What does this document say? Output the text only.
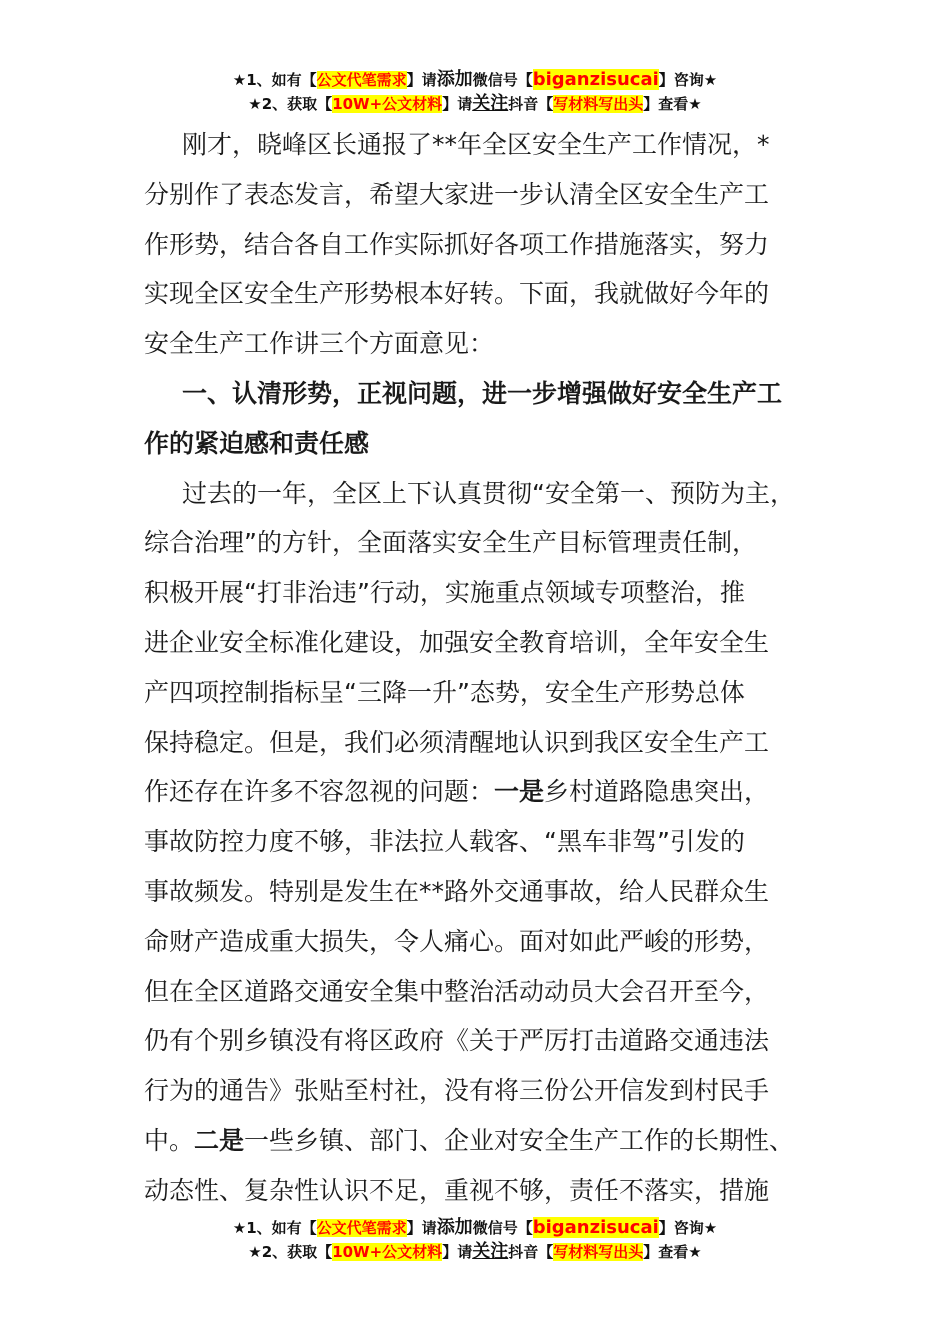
★1、如有【公文代笔需求】请添加微信号【biganzisucai】咨询★
★2、获取【10W+公文材料】请关注抖音【写材料写出头】查看★
刚才，晓峰区长通报了**年全区安全生产工作情况，*
分别作了表态发言，希望大家进一步认清全区安全生产工
作形势，结合各自工作实际抓好各项工作措施落实，努力
实现全区安全生产形势根本好转。下面，我就做好今年的
安全生产工作讲三个方面意见：
一、认清形势，正视问题，进一步增强做好安全生产工
作的紧迫感和责任感
过去的一年，全区上下认真贯彻“安全第一、预防为主，
综合治理”的方针，全面落实安全生产目标管理责任制，
积极开展“打非治违”行动，实施重点领域专项整治，推
进企业安全标准化建设，加强安全教育培训，全年安全生
产四项控制指标呈“三降一升”态势，安全生产形势总体
保持稳定。但是，我们必须清醒地认识到我区安全生产工
作还存在许多不容忽视的问题：一是乡村道路隐患突出，
事故防控力度不够，非法拉人载客、“黑车非驾”引发的
事故频发。特别是发生在**路外交通事故，给人民群众生
命财产造成重大损失，令人痛心。面对如此严峻的形势，
但在全区道路交通安全集中整治活动动员大会召开至今，
仍有个别乡镇没有将区政府《关于严厉打击道路交通违法
行为的通告》张贴至村社，没有将三份公开信发到村民手
中。二是一些乡镇、部门、企业对安全生产工作的长期性、
动态性、复杂性认识不足，重视不够，责任不落实，措施
★1、如有【公文代笔需求】请添加微信号【biganzisucai】咨询★
★2、获取【10W+公文材料】请关注抖音【写材料写出头】查看★
